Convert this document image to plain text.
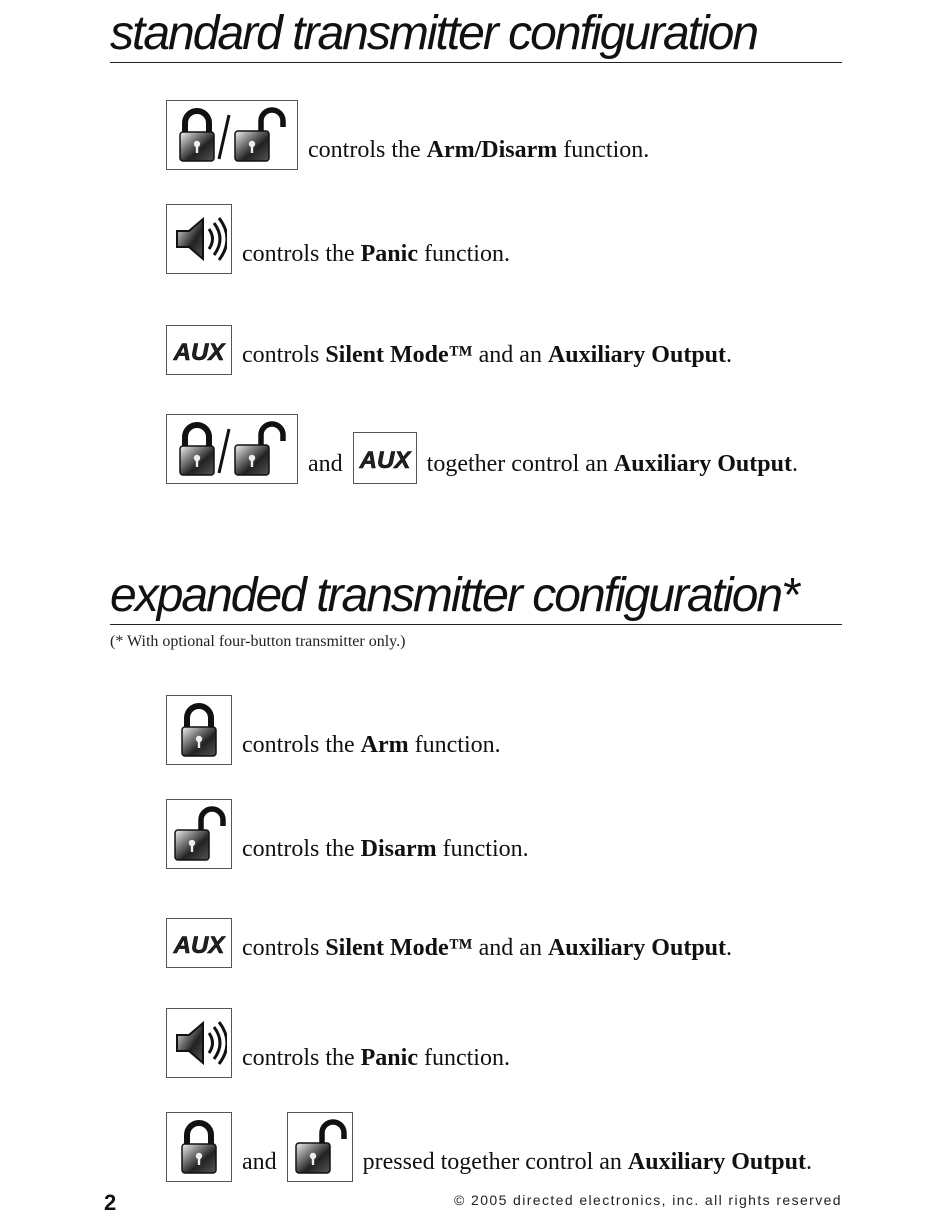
standard transmitter configuration
controls the Arm/Disarm function.
controls the Panic function.
AUX controls Silent Mode™ and an Auxiliary Output.
and AUX together control an Auxiliary Output.
expanded transmitter configuration*
(* With optional four-button transmitter only.)
controls the Arm function.
controls the Disarm function.
AUX controls Silent Mode™ and an Auxiliary Output.
controls the Panic function.
and	pressed together control an Auxiliary Output.
2	© 2005 directed electronics, inc. all rights reserved
